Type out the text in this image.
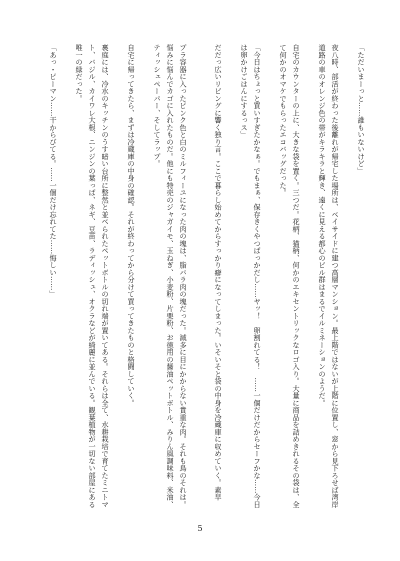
「ただいまーっと……誰もいないけど」
夜八時、部活が終わった後離れが帰宅した場所は、ベイサイドに建つ高層マンション。最上階ではないが上階に位置し、窓から見下ろせば湾岸道路の車のオレンジ色の帯がキラキラと輝き、遠くに見える都心のビル群はまるでイルミネーションのようだ。
自宅のカウンターの上に、大きな袋を置く。三つだ。花柄、猫柄、何かのエキセントリックなロゴ入り。大量に商品を詰めきれるその袋は、全て何かのオマケでもらったエコバッグだった。
「今日はちょっと買いすぎたかなぁ。でもまぁ、保存きくやつばっかだし……ヤッ！　卵割れてる！　……一個だけだからセーフかな……今日は卵かけごはんにするっス」
だだっ広いリビングに響く独り言。ここで暮らし始めてからすっかり癖になってしまった。いそいそと袋の中身を冷蔵庫に収めていく。素早
プラ容器に入ったピンク色と白のミルフィーユになった肉の塊は、脂バラ肉の塊だった。減多に目にかからない貴重な肉。それも鳥のそれは。悩みに悩んでカゴに入れたものだ。他にも特売のジャガイモ、玉ねぎ、小麦粉、片栗粉、お徳用の醤油ペットボトル、みりん風調味料、米油、ティッシュペーパー、そしてラップ。
自宅に帰ってきたら、まずは冷蔵庫の中身の確認。それが終わってから分けて買ってきたものと格闘していく。
裏庭には、冷水のキッチンのうす暗い台所に整然と並べられたペットボトルの切れ端が置いてある。それらは全て、水耕栽培で育てたミニトマト、バジル、カイワレ大根、ニンジンの葉っぱ、ネギ、豆苗、ラディッシュ、オクラなどが綺麗に並んでいる。観葉植物が一切ない部屋にある唯一の緑だった。
「あっ・ピーマン……干からびてる。……一個だけ忘れてた……悔しい……」
5
